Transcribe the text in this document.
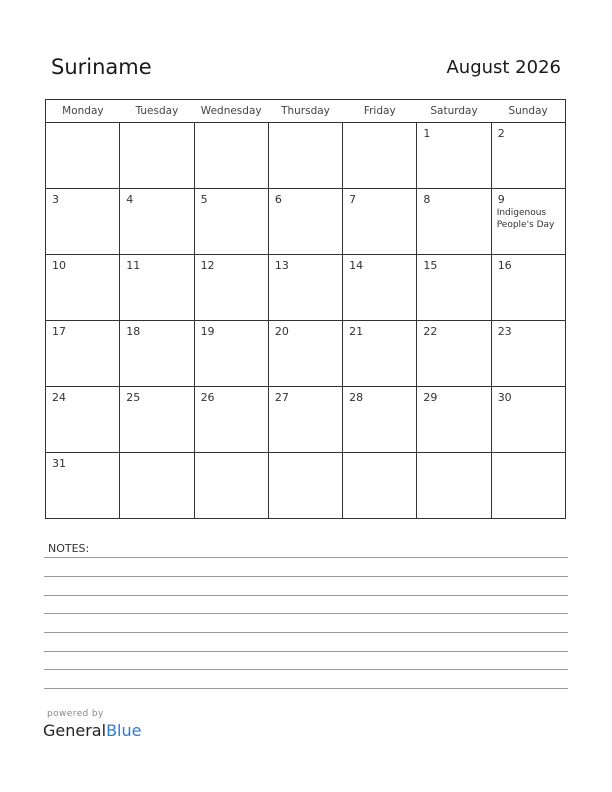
Suriname	August 2026
Monday	Tuesday	Wednesday	Thursday	Friday	Saturday	Sunday

					1	2

3	4	5	6	7	8	9
Indigenous People's Day

10	11	12	13	14	15	16

17	18	19	20	21	22	23

24	25	26	27	28	29	30

31						

NOTES:
powered by
GeneralBlue
